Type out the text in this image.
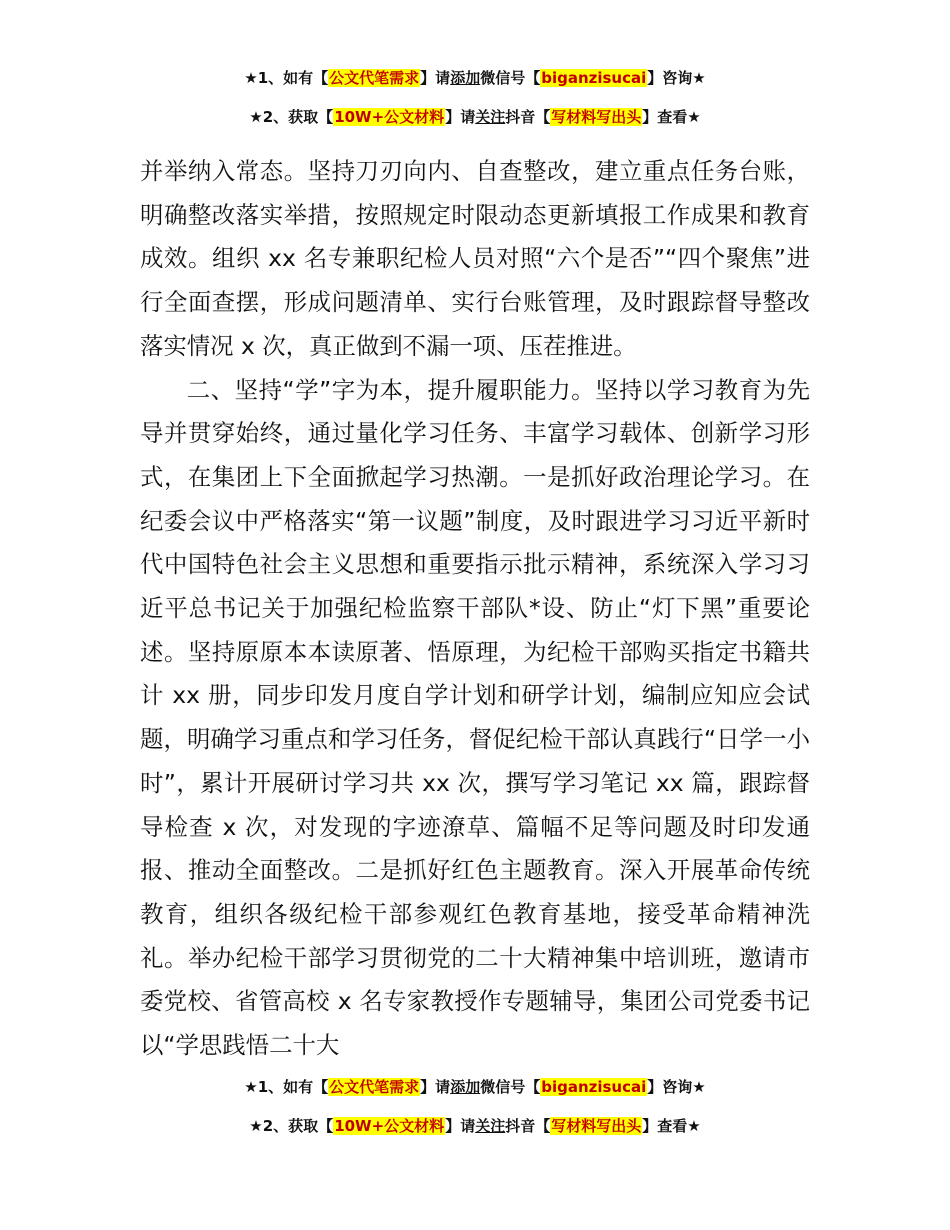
★1、如有【公文代笔需求】请添加微信号【biganzisucai】咨询★
★2、获取【10W+公文材料】请关注抖音【写材料写出头】查看★

并举纳入常态。坚持刀刃向内、自查整改，建立重点任务台账，明确整改落实举措，按照规定时限动态更新填报工作成果和教育成效。组织 xx 名专兼职纪检人员对照“六个是否”“四个聚焦”进行全面查摆，形成问题清单、实行台账管理，及时跟踪督导整改落实情况 x 次，真正做到不漏一项、压茬推进。

二、坚持“学”字为本，提升履职能力。坚持以学习教育为先导并贯穿始终，通过量化学习任务、丰富学习载体、创新学习形式，在集团上下全面掀起学习热潮。一是抓好政治理论学习。在纪委会议中严格落实“第一议题”制度，及时跟进学习习近平新时代中国特色社会主义思想和重要指示批示精神，系统深入学习习近平总书记关于加强纪检监察干部队*设、防止“灯下黑”重要论述。坚持原原本本读原著、悟原理，为纪检干部购买指定书籍共计 xx 册，同步印发月度自学计划和研学计划，编制应知应会试题，明确学习重点和学习任务，督促纪检干部认真践行“日学一小时”，累计开展研讨学习共 xx 次，撰写学习笔记 xx 篇，跟踪督导检查 x 次，对发现的字迹潦草、篇幅不足等问题及时印发通报、推动全面整改。二是抓好红色主题教育。深入开展革命传统教育，组织各级纪检干部参观红色教育基地，接受革命精神洗礼。举办纪检干部学习贯彻党的二十大精神集中培训班，邀请市委党校、省管高校 x 名专家教授作专题辅导，集团公司党委书记以“学思践悟二十大

★1、如有【公文代笔需求】请添加微信号【biganzisucai】咨询★
★2、获取【10W+公文材料】请关注抖音【写材料写出头】查看★
